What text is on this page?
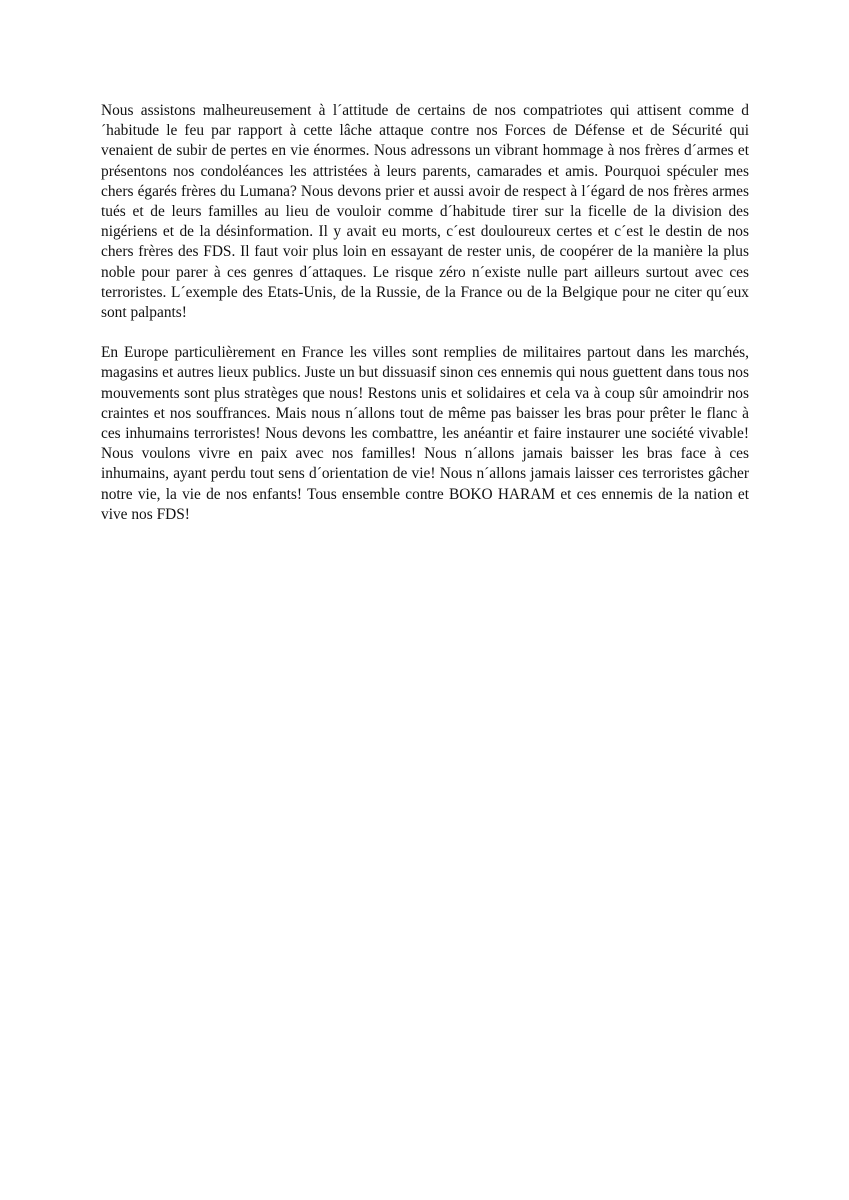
Nous assistons malheureusement à l´attitude de certains de nos compatriotes qui attisent comme d´habitude le feu par rapport à cette lâche attaque contre nos Forces de Défense et de Sécurité qui venaient de subir de pertes en vie énormes. Nous adressons un vibrant hommage à nos frères d´armes et présentons nos condoléances les attristées à leurs parents, camarades et amis. Pourquoi spéculer mes chers égarés frères du Lumana? Nous devons prier et aussi avoir de respect à l´égard de nos frères armes tués et de leurs familles au lieu de vouloir comme d´habitude tirer sur la ficelle de la division des nigériens et de la désinformation. Il y avait eu morts, c´est douloureux certes et c´est le destin de nos chers frères des FDS. Il faut voir plus loin en essayant de rester unis, de coopérer de la manière la plus noble pour parer à ces genres d´attaques. Le risque zéro n´existe nulle part ailleurs surtout avec ces terroristes. L´exemple des Etats-Unis, de la Russie, de la France ou de la Belgique pour ne citer qu´eux sont palpants!

En Europe particulièrement en France les villes sont remplies de militaires partout dans les marchés, magasins et autres lieux publics. Juste un but dissuasif sinon ces ennemis qui nous guettent dans tous nos mouvements sont plus stratèges que nous! Restons unis et solidaires et cela va à coup sûr amoindrir nos craintes et nos souffrances. Mais nous n´allons tout de même pas baisser les bras pour prêter le flanc à ces inhumains terroristes! Nous devons les combattre, les anéantir et faire instaurer une société vivable! Nous voulons vivre en paix avec nos familles! Nous n´allons jamais baisser les bras face à ces inhumains, ayant perdu tout sens d´orientation de vie! Nous n´allons jamais laisser ces terroristes gâcher notre vie, la vie de nos enfants! Tous ensemble contre BOKO HARAM et ces ennemis de la nation et vive nos FDS!
